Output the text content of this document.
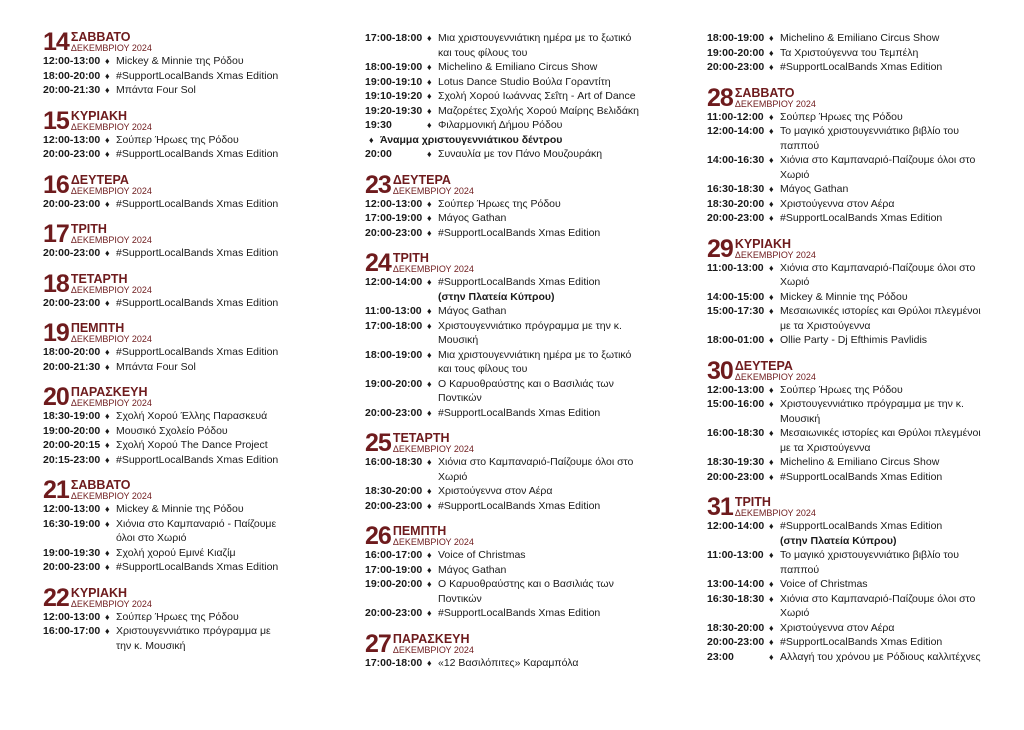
14 ΣΑΒΒΑΤΟ
ΔΕΚΕΜΒΡΙΟΥ 2024
12:00-13:00 ♦ Mickey & Minnie της Ρόδου
18:00-20:00 ♦ #SupportLocalBands Xmas Edition
20:00-21:30 ♦ Μπάντα Four Sol
15 ΚΥΡΙΑΚΗ
ΔΕΚΕΜΒΡΙΟΥ 2024
12:00-13:00 ♦ Σούπερ Ήρωες της Ρόδου
20:00-23:00 ♦ #SupportLocalBands Xmas Edition
16 ΔΕΥΤΕΡΑ
ΔΕΚΕΜΒΡΙΟΥ 2024
20:00-23:00 ♦ #SupportLocalBands Xmas Edition
17 ΤΡΙΤΗ
ΔΕΚΕΜΒΡΙΟΥ 2024
20:00-23:00 ♦ #SupportLocalBands Xmas Edition
18 ΤΕΤΑΡΤΗ
ΔΕΚΕΜΒΡΙΟΥ 2024
20:00-23:00 ♦ #SupportLocalBands Xmas Edition
19 ΠΕΜΠΤΗ
ΔΕΚΕΜΒΡΙΟΥ 2024
18:00-20:00 ♦ #SupportLocalBands Xmas Edition
20:00-21:30 ♦ Μπάντα Four Sol
20 ΠΑΡΑΣΚΕΥΗ
ΔΕΚΕΜΒΡΙΟΥ 2024
18:30-19:00 ♦ Σχολή Χορού Έλλης Παρασκευά
19:00-20:00 ♦ Μουσικό Σχολείο Ρόδου
20:00-20:15 ♦ Σχολή Χορού The Dance Project
20:15-23:00 ♦ #SupportLocalBands Xmas Edition
21 ΣΑΒΒΑΤΟ
ΔΕΚΕΜΒΡΙΟΥ 2024
12:00-13:00 ♦ Mickey & Minnie της Ρόδου
16:30-19:00 ♦ Χιόνια στο Καμπαναριό - Παίζουμε όλοι στο Χωριό
19:00-19:30 ♦ Σχολή χορού Εμινέ Κιαζίμ
20:00-23:00 ♦ #SupportLocalBands Xmas Edition
22 ΚΥΡΙΑΚΗ
ΔΕΚΕΜΒΡΙΟΥ 2024
12:00-13:00 ♦ Σούπερ Ήρωες της Ρόδου
16:00-17:00 ♦ Χριστουγεννιάτικο πρόγραμμα με την κ. Μουσική
17:00-18:00 ♦ Μια χριστουγεννιάτικη ημέρα με το ξωτικό και τους φίλους του
18:00-19:00 ♦ Michelino & Emiliano Circus Show
19:00-19:10 ♦ Lotus Dance Studio Βούλα Γοραντίτη
19:10-19:20 ♦ Σχολή Χορού Ιωάννας Σεΐτη - Art of Dance
19:20-19:30 ♦ Μαζορέτες Σχολής Χορού Μαίρης Βελιδάκη
19:30	♦ Φιλαρμονική Δήμου Ρόδου
♦ Άναμμα χριστουγεννιάτικου δέντρου
20:00	♦ Συναυλία με τον Πάνο Μουζουράκη
23 ΔΕΥΤΕΡΑ
ΔΕΚΕΜΒΡΙΟΥ 2024
12:00-13:00 ♦ Σούπερ Ήρωες της Ρόδου
17:00-19:00 ♦ Μάγος Gathan
20:00-23:00 ♦ #SupportLocalBands Xmas Edition
24 ΤΡΙΤΗ
ΔΕΚΕΜΒΡΙΟΥ 2024
12:00-14:00 ♦ #SupportLocalBands Xmas Edition
(στην Πλατεία Κύπρου)
11:00-13:00 ♦ Μάγος Gathan
17:00-18:00 ♦ Χριστουγεννιάτικο πρόγραμμα με την κ. Μουσική
18:00-19:00 ♦ Μια χριστουγεννιάτικη ημέρα με το ξωτικό και τους φίλους του
19:00-20:00 ♦ Ο Καρυοθραύστης και ο Βασιλιάς των Ποντικών
20:00-23:00 ♦ #SupportLocalBands Xmas Edition
25 ΤΕΤΑΡΤΗ
ΔΕΚΕΜΒΡΙΟΥ 2024
16:00-18:30 ♦ Χιόνια στο Καμπαναριό-Παίζουμε όλοι στο Χωριό
18:30-20:00 ♦ Χριστούγεννα στον Αέρα
20:00-23:00 ♦ #SupportLocalBands Xmas Edition
26 ΠΕΜΠΤΗ
ΔΕΚΕΜΒΡΙΟΥ 2024
16:00-17:00 ♦ Voice of Christmas
17:00-19:00 ♦ Μάγος Gathan
19:00-20:00 ♦ Ο Καρυοθραύστης και ο Βασιλιάς των Ποντικών
20:00-23:00 ♦ #SupportLocalBands Xmas Edition
27 ΠΑΡΑΣΚΕΥΗ
ΔΕΚΕΜΒΡΙΟΥ 2024
17:00-18:00 ♦ «12 Βασιλόπιτες» Καραμπόλα
18:00-19:00 ♦ Michelino & Emiliano Circus Show
19:00-20:00 ♦ Τα Χριστούγεννα του Τεμπέλη
20:00-23:00 ♦ #SupportLocalBands Xmas Edition
28 ΣΑΒΒΑΤΟ
ΔΕΚΕΜΒΡΙΟΥ 2024
11:00-12:00 ♦ Σούπερ Ήρωες της Ρόδου
12:00-14:00 ♦ Το μαγικό χριστουγεννιάτικο βιβλίο του παππού
14:00-16:30 ♦ Χιόνια στο Καμπαναριό-Παίζουμε όλοι στο Χωριό
16:30-18:30 ♦ Μάγος Gathan
18:30-20:00 ♦ Χριστούγεννα στον Αέρα
20:00-23:00 ♦ #SupportLocalBands Xmas Edition
29 ΚΥΡΙΑΚΗ
ΔΕΚΕΜΒΡΙΟΥ 2024
11:00-13:00 ♦ Χιόνια στο Καμπαναριό-Παίζουμε όλοι στο Χωριό
14:00-15:00 ♦ Mickey & Minnie της Ρόδου
15:00-17:30 ♦ Μεσαιωνικές ιστορίες και Θρύλοι πλεγμένοι με τα Χριστούγεννα
18:00-01:00 ♦ Ollie Party - Dj Efthimis Pavlidis
30 ΔΕΥΤΕΡΑ
ΔΕΚΕΜΒΡΙΟΥ 2024
12:00-13:00 ♦ Σούπερ Ήρωες της Ρόδου
15:00-16:00 ♦ Χριστουγεννιάτικο πρόγραμμα με την κ. Μουσική
16:00-18:30 ♦ Μεσαιωνικές ιστορίες και Θρύλοι πλεγμένοι με τα Χριστούγεννα
18:30-19:30 ♦ Michelino & Emiliano Circus Show
20:00-23:00 ♦ #SupportLocalBands Xmas Edition
31 ΤΡΙΤΗ
ΔΕΚΕΜΒΡΙΟΥ 2024
12:00-14:00 ♦ #SupportLocalBands Xmas Edition
(στην Πλατεία Κύπρου)
11:00-13:00 ♦ Το μαγικό χριστουγεννιάτικο βιβλίο του παππού
13:00-14:00 ♦ Voice of Christmas
16:30-18:30 ♦ Χιόνια στο Καμπαναριό-Παίζουμε όλοι στο Χωριό
18:30-20:00 ♦ Χριστούγεννα στον Αέρα
20:00-23:00 ♦ #SupportLocalBands Xmas Edition
23:00	♦ Αλλαγή του χρόνου με Ρόδιους καλλιτέχνες
